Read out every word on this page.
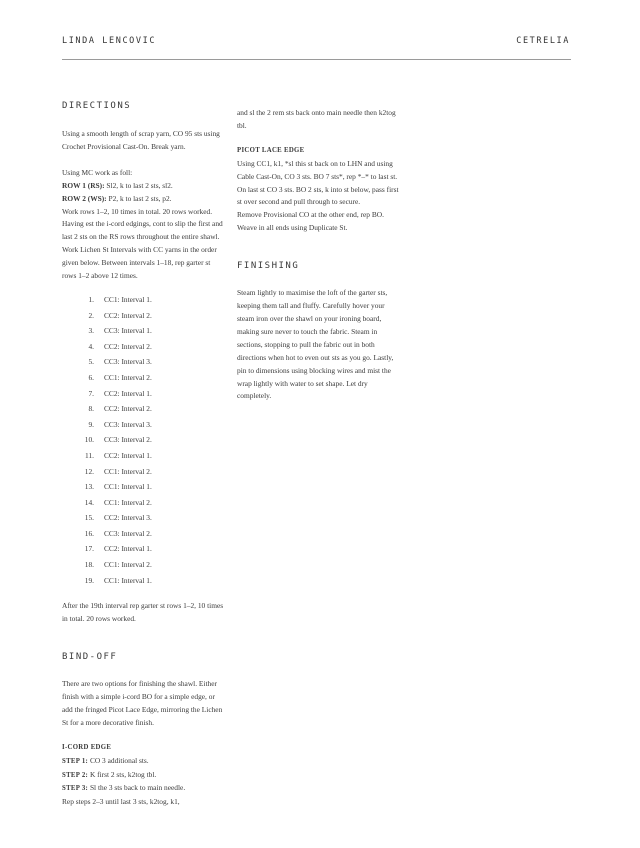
LINDA LENCOVIC	CETRELIA
DIRECTIONS

Using a smooth length of scrap yarn, CO 95 sts using Crochet Provisional Cast-On. Break yarn.

Using MC work as foll:

ROW 1 (RS): Sl2, k to last 2 sts, sl2.

ROW 2 (WS): P2, k to last 2 sts, p2.

Work rows 1–2, 10 times in total. 20 rows worked.

Having est the i-cord edgings, cont to slip the first and last 2 sts on the RS rows throughout the entire shawl.

Work Lichen St Intervals with CC yarns in the order given below. Between intervals 1–18, rep garter st rows 1–2 above 12 times.

1. CC1: Interval 1.
2. CC2: Interval 2.
3. CC3: Interval 1.
4. CC2: Interval 2.
5. CC3: Interval 3.
6. CC1: Interval 2.
7. CC2: Interval 1.
8. CC2: Interval 2.
9. CC3: Interval 3.
10. CC3: Interval 2.
11. CC2: Interval 1.
12. CC1: Interval 2.
13. CC1: Interval 1.
14. CC1: Interval 2.
15. CC2: Interval 3.
16. CC3: Interval 2.
17. CC2: Interval 1.
18. CC1: Interval 2.
19. CC1: Interval 1.

After the 19th interval rep garter st rows 1–2, 10 times in total. 20 rows worked.

BIND-OFF

There are two options for finishing the shawl. Either finish with a simple i-cord BO for a simple edge, or add the fringed Picot Lace Edge, mirroring the Lichen St for a more decorative finish.

I-CORD EDGE

STEP 1: CO 3 additional sts.

STEP 2: K first 2 sts, k2tog tbl.

STEP 3: Sl the 3 sts back to main needle.

Rep steps 2–3 until last 3 sts, k2tog, k1,

and sl the 2 rem sts back onto main needle then k2tog tbl.

PICOT LACE EDGE

Using CC1, k1, *sl this st back on to LHN and using Cable Cast-On, CO 3 sts. BO 7 sts*, rep *–* to last st.

On last st CO 3 sts. BO 2 sts, k into st below, pass first st over second and pull through to secure.

Remove Provisional CO at the other end, rep BO.

Weave in all ends using Duplicate St.

FINISHING

Steam lightly to maximise the loft of the garter sts, keeping them tall and fluffy. Carefully hover your steam iron over the shawl on your ironing board, making sure never to touch the fabric. Steam in sections, stopping to pull the fabric out in both directions when hot to even out sts as you go. Lastly, pin to dimensions using blocking wires and mist the wrap lightly with water to set shape. Let dry completely.
